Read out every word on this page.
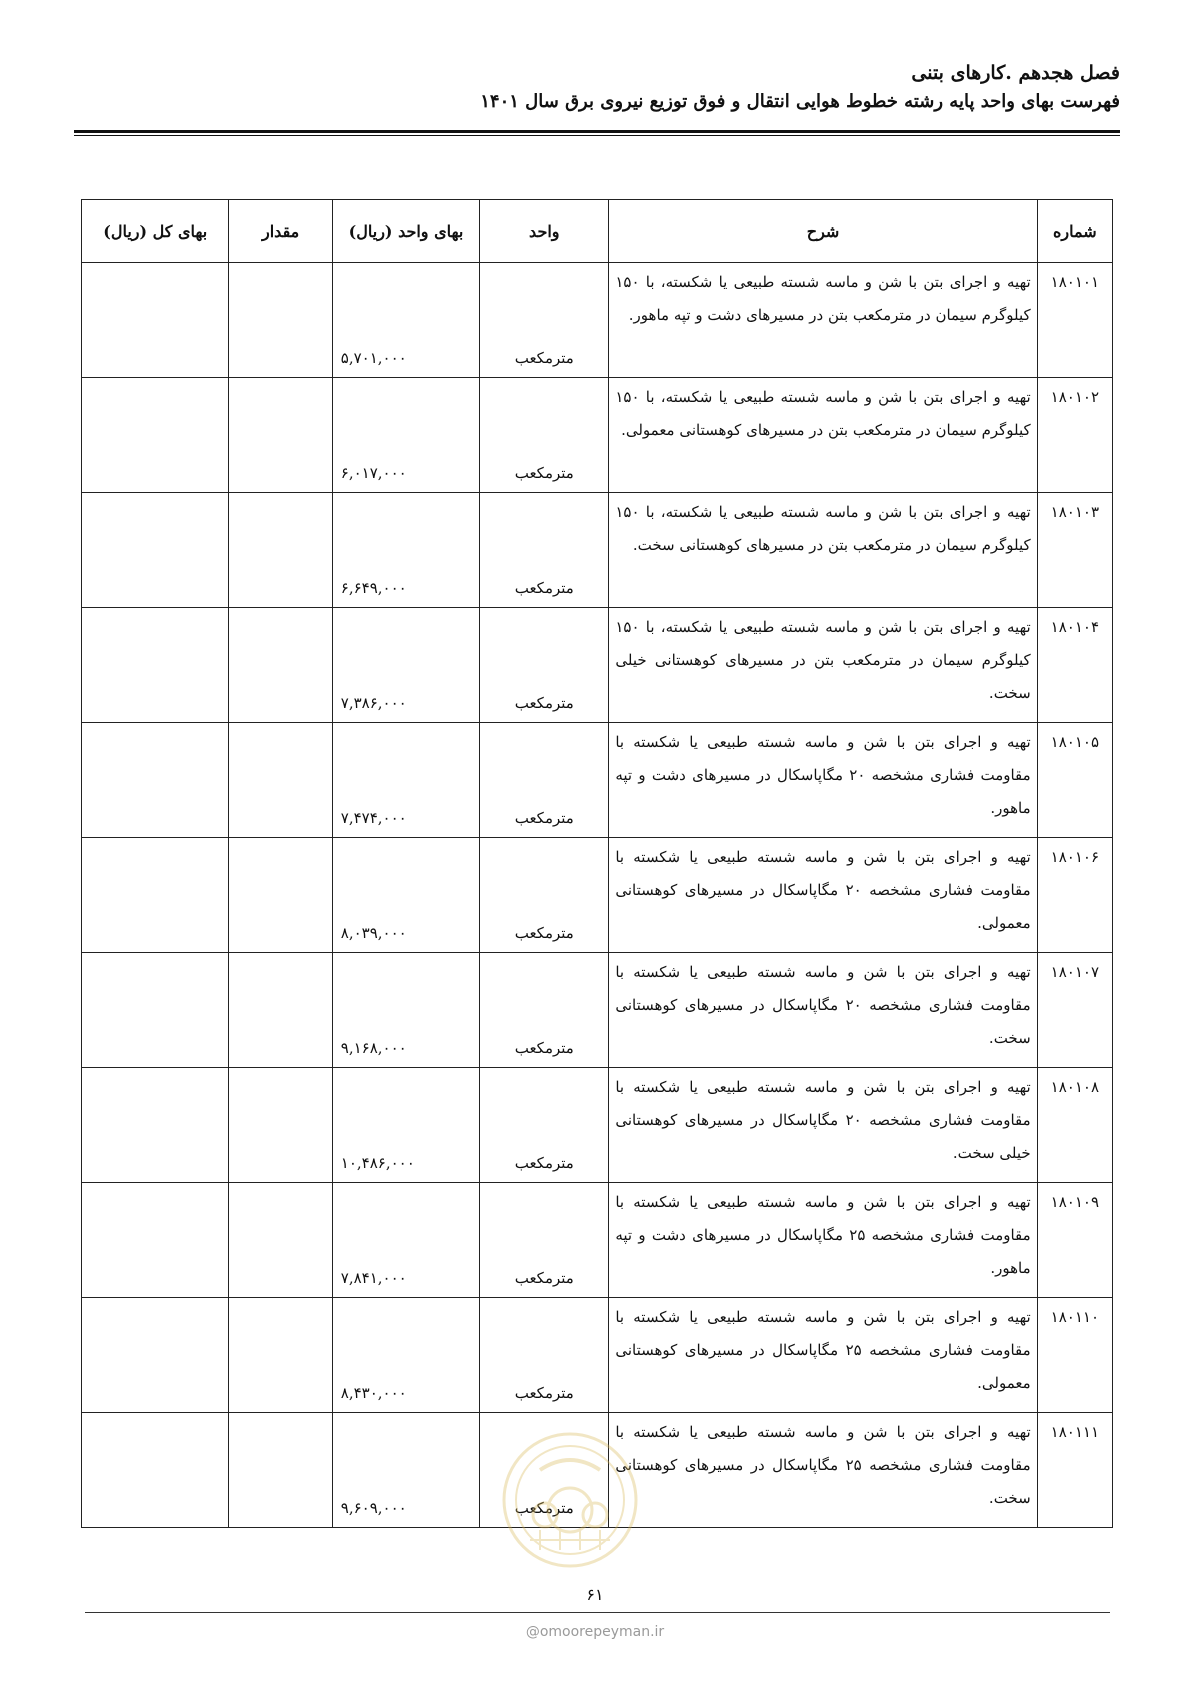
فصل هجدهم .کارهای بتنی
فهرست بهای واحد پایه رشته خطوط هوایی انتقال و فوق توزیع نیروی برق سال ۱۴۰۱
شماره	شرح	واحد	بهای واحد (ریال)	مقدار	بهای کل (ریال)
۱۸۰۱۰۱	تهیه و اجرای بتن با شن و ماسه شسته طبیعی یا شکسته، با ۱۵۰ کیلوگرم سیمان در مترمکعب بتن در مسیرهای دشت و تپه ماهور.	مترمکعب	۵,۷۰۱,۰۰۰		
۱۸۰۱۰۲	تهیه و اجرای بتن با شن و ماسه شسته طبیعی یا شکسته، با ۱۵۰ کیلوگرم سیمان در مترمکعب بتن در مسیرهای کوهستانی معمولی.	مترمکعب	۶,۰۱۷,۰۰۰		
۱۸۰۱۰۳	تهیه و اجرای بتن با شن و ماسه شسته طبیعی یا شکسته، با ۱۵۰ کیلوگرم سیمان در مترمکعب بتن در مسیرهای کوهستانی سخت.	مترمکعب	۶,۶۴۹,۰۰۰		
۱۸۰۱۰۴	تهیه و اجرای بتن با شن و ماسه شسته طبیعی یا شکسته، با ۱۵۰ کیلوگرم سیمان در مترمکعب بتن در مسیرهای کوهستانی خیلی سخت.	مترمکعب	۷,۳۸۶,۰۰۰		
۱۸۰۱۰۵	تهیه و اجرای بتن با شن و ماسه شسته طبیعی یا شکسته با مقاومت فشاری مشخصه ۲۰ مگاپاسکال در مسیرهای دشت و تپه ماهور.	مترمکعب	۷,۴۷۴,۰۰۰		
۱۸۰۱۰۶	تهیه و اجرای بتن با شن و ماسه شسته طبیعی یا شکسته با مقاومت فشاری مشخصه ۲۰ مگاپاسکال در مسیرهای کوهستانی معمولی.	مترمکعب	۸,۰۳۹,۰۰۰		
۱۸۰۱۰۷	تهیه و اجرای بتن با شن و ماسه شسته طبیعی یا شکسته با مقاومت فشاری مشخصه ۲۰ مگاپاسکال در مسیرهای کوهستانی سخت.	مترمکعب	۹,۱۶۸,۰۰۰		
۱۸۰۱۰۸	تهیه و اجرای بتن با شن و ماسه شسته طبیعی یا شکسته با مقاومت فشاری مشخصه ۲۰ مگاپاسکال در مسیرهای کوهستانی خیلی سخت.	مترمکعب	۱۰,۴۸۶,۰۰۰		
۱۸۰۱۰۹	تهیه و اجرای بتن با شن و ماسه شسته طبیعی یا شکسته با مقاومت فشاری مشخصه ۲۵ مگاپاسکال در مسیرهای دشت و تپه ماهور.	مترمکعب	۷,۸۴۱,۰۰۰		
۱۸۰۱۱۰	تهیه و اجرای بتن با شن و ماسه شسته طبیعی یا شکسته با مقاومت فشاری مشخصه ۲۵ مگاپاسکال در مسیرهای کوهستانی معمولی.	مترمکعب	۸,۴۳۰,۰۰۰		
۱۸۰۱۱۱	تهیه و اجرای بتن با شن و ماسه شسته طبیعی یا شکسته با مقاومت فشاری مشخصه ۲۵ مگاپاسکال در مسیرهای کوهستانی سخت.	مترمکعب	۹,۶۰۹,۰۰۰		
۶۱
@omoorepeyman.ir
